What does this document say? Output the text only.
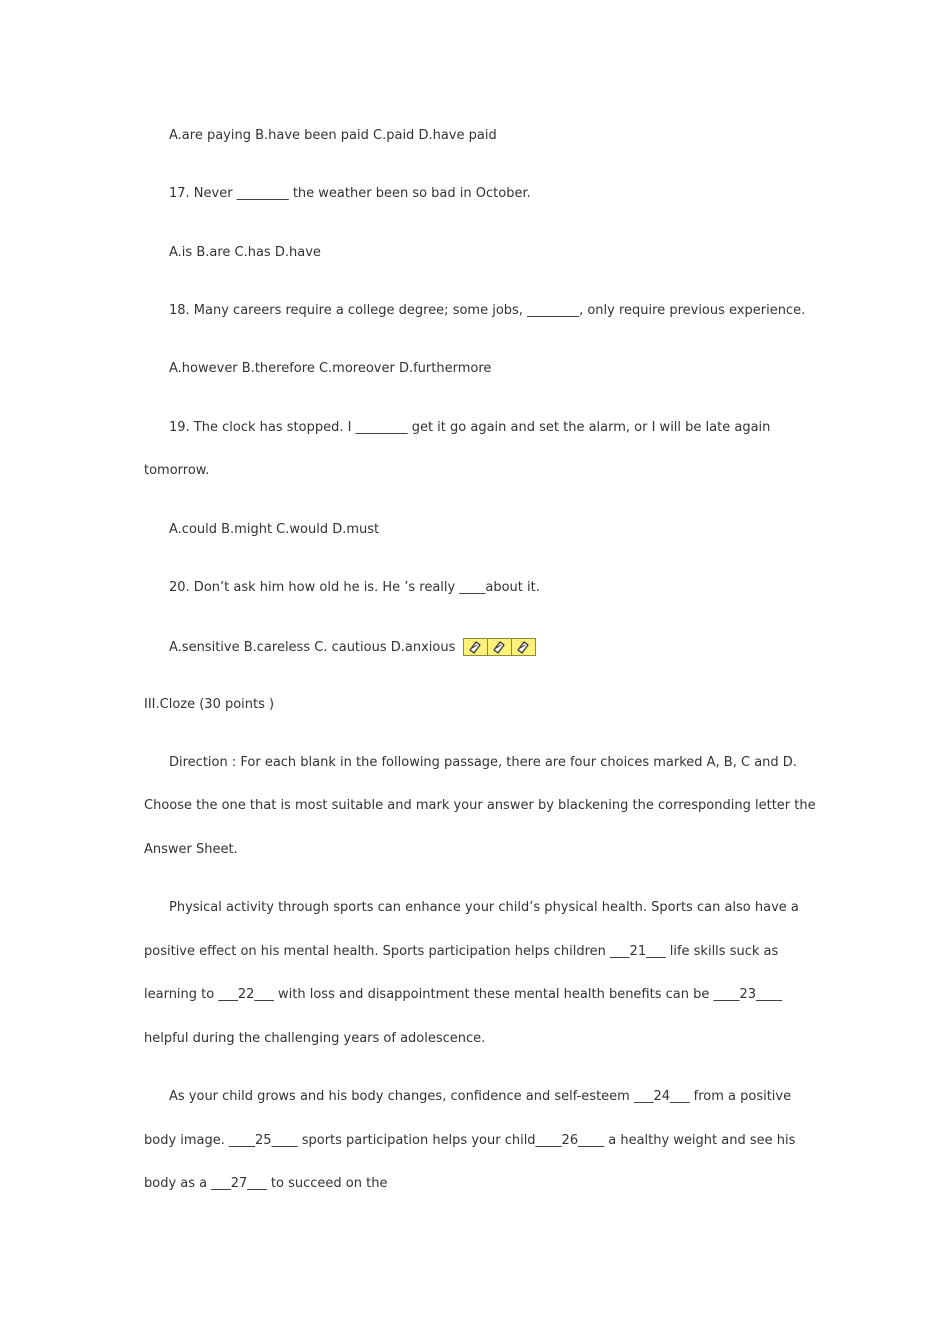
A.are paying B.have been paid C.paid D.have paid
17. Never ________ the weather been so bad in October.
A.is B.are C.has D.have
18. Many careers require a college degree; some jobs, ________, only require previous experience.
A.however B.therefore C.moreover D.furthermore
19. The clock has stopped. I ________ get it go again and set the alarm, or I will be late again
tomorrow.
A.could B.might C.would D.must
20. Don’t ask him how old he is. He ’s really ____about it.
A.sensitive B.careless C. cautious D.anxious
III.Cloze (30 points )
Direction : For each blank in the following passage, there are four choices marked A, B, C and D.
Choose the one that is most suitable and mark your answer by blackening the corresponding letter the
Answer Sheet.
Physical activity through sports can enhance your child’s physical health. Sports can also have a
positive effect on his mental health. Sports participation helps children ___21___ life skills suck as
learning to ___22___ with loss and disappointment these mental health benefits can be ____23____
helpful during the challenging years of adolescence.
As your child grows and his body changes, confidence and self-esteem ___24___ from a positive
body image. ____25____ sports participation helps your child____26____ a healthy weight and see his
body as a ___27___ to succeed on the
